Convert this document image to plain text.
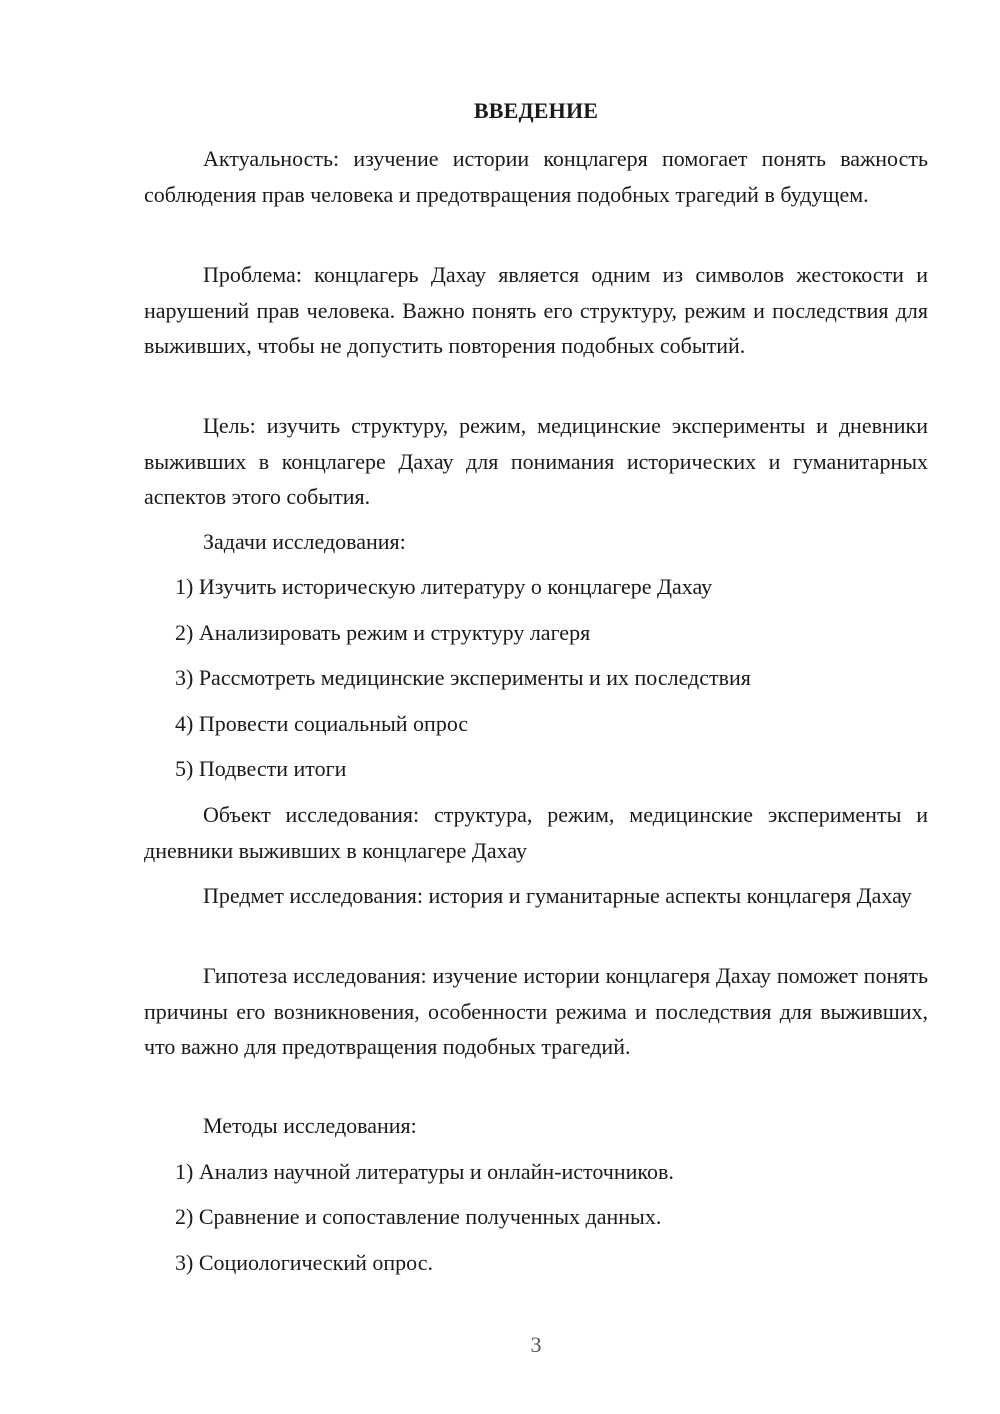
ВВЕДЕНИЕ

Актуальность: изучение истории концлагеря помогает понять важность соблюдения прав человека и предотвращения подобных трагедий в будущем.

Проблема: концлагерь Дахау является одним из символов жестокости и нарушений прав человека. Важно понять его структуру, режим и последствия для выживших, чтобы не допустить повторения подобных событий.

Цель: изучить структуру, режим, медицинские эксперименты и дневники выживших в концлагере Дахау для понимания исторических и гуманитарных аспектов этого события.

Задачи исследования:

1) Изучить историческую литературу о концлагере Дахау

2) Анализировать режим и структуру лагеря

3) Рассмотреть медицинские эксперименты и их последствия

4) Провести социальный опрос

5) Подвести итоги

Объект исследования: структура, режим, медицинские эксперименты и дневники выживших в концлагере Дахау

Предмет исследования: история и гуманитарные аспекты концлагеря Дахау

Гипотеза исследования: изучение истории концлагеря Дахау поможет понять причины его возникновения, особенности режима и последствия для выживших, что важно для предотвращения подобных трагедий.

Методы исследования:

1) Анализ научной литературы и онлайн-источников.

2) Сравнение и сопоставление полученных данных.

3) Социологический опрос.

3
